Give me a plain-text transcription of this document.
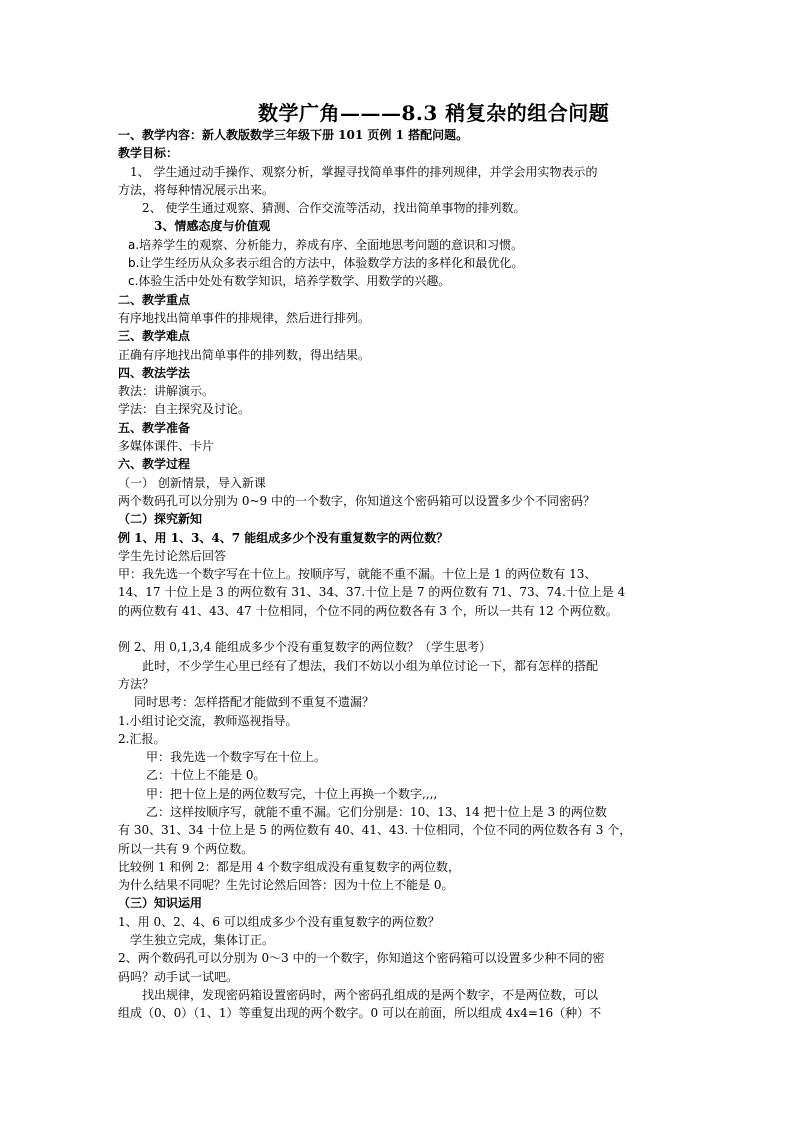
数学广角———8.3 稍复杂的组合问题
一、教学内容：新人教版数学三年级下册 101 页例 1 搭配问题。
教学目标：
1、 学生通过动手操作、观察分析，掌握寻找简单事件的排列规律，并学会用实物表示的
方法，将每种情况展示出来。
2、 使学生通过观察、猜测、合作交流等活动，找出简单事物的排列数。
3、情感态度与价值观
a.培养学生的观察、分析能力，养成有序、全面地思考问题的意识和习惯。
b.让学生经历从众多表示组合的方法中，体验数学方法的多样化和最优化。
c.体验生活中处处有数学知识，培养学数学、用数学的兴趣。
二、教学重点
有序地找出简单事件的排规律，然后进行排列。
三、教学难点
正确有序地找出简单事件的排列数，得出结果。
四、教法学法
教法：讲解演示。
学法：自主探究及讨论。
五、教学准备
多媒体课件、卡片
六、教学过程
（一） 创新情景，导入新课
两个数码孔可以分别为 0~9 中的一个数字，你知道这个密码箱可以设置多少个不同密码？
（二）探究新知
例 1、用 1、3、4、7 能组成多少个没有重复数字的两位数？
学生先讨论然后回答
甲：我先选一个数字写在十位上。按顺序写，就能不重不漏。十位上是 1 的两位数有 13、
14、17 十位上是 3 的两位数有 31、34、37.十位上是 7 的两位数有 71、73、74.十位上是 4
的两位数有 41、43、47 十位相同，个位不同的两位数各有 3 个，所以一共有 12 个两位数。
例 2、用 0,1,3,4 能组成多少个没有重复数字的两位数？（学生思考）
此时，不少学生心里已经有了想法，我们不妨以小组为单位讨论一下，都有怎样的搭配
方法？
同时思考：怎样搭配才能做到不重复不遗漏？
1.小组讨论交流，教师巡视指导。
2.汇报。
甲：我先选一个数字写在十位上。
乙：十位上不能是 0。
甲：把十位上是的两位数写完，十位上再换一个数字,,,,
乙：这样按顺序写，就能不重不漏。它们分别是：10、13、14 把十位上是 3 的两位数
有 30、31、34 十位上是 5 的两位数有 40、41、43. 十位相同，个位不同的两位数各有 3 个，
所以一共有 9 个两位数。
比较例 1 和例 2：都是用 4 个数字组成没有重复数字的两位数，
为什么结果不同呢？生先讨论然后回答：因为十位上不能是 0。
（三）知识运用
1、用 0、2、4、6 可以组成多少个没有重复数字的两位数？
学生独立完成，集体订正。
2、两个数码孔可以分别为 0～3 中的一个数字，你知道这个密码箱可以设置多少种不同的密
码吗？动手试一试吧。
找出规律，发现密码箱设置密码时，两个密码孔组成的是两个数字，不是两位数，可以
组成（0、0）（1、1）等重复出现的两个数字。0 可以在前面，所以组成 4x4=16（种）不
